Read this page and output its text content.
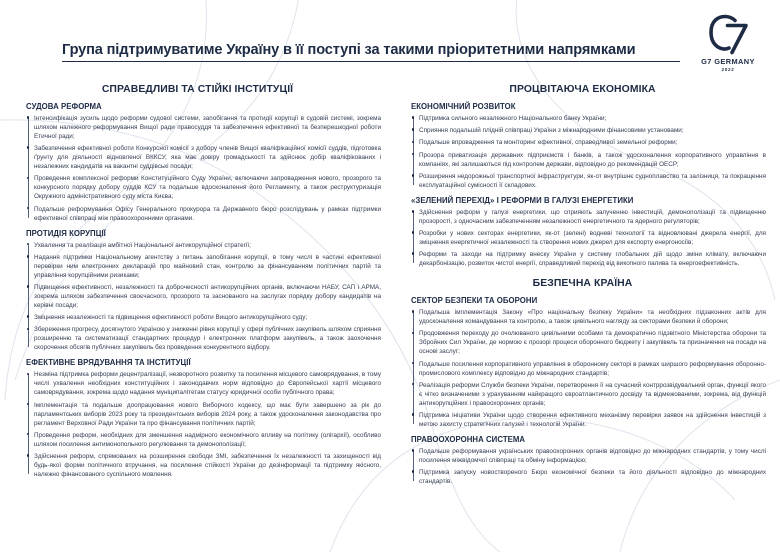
Група підтримуватиме Україну в її поступі за такими пріоритетними напрямками
G7 GERMANY
2022
СПРАВЕДЛИВІ ТА СТІЙКІ ІНСТИТУЦІЇ
СУДОВА РЕФОРМА
Інтенсифікація зусиль щодо реформи судової системи, запобігання та протидії корупції в судовій системі, зокрема шляхом належного реформування Вищої ради правосуддя та забезпечення ефективної та безперешкодної роботи Етичної ради;
Забезпечення ефективної роботи Конкурсної комісії з добору членів Вищої кваліфікаційної комісії суддів, підготовка ґрунту для діяльності відновленої ВККСУ, яка має довіру громадськості та здійснює добір кваліфікованих і незалежних кандидатів на вакантні суддівські посади;
Проведення комплексної реформи Конституційного Суду України, включаючи запровадження нового, прозорого та конкурсного порядку добору суддів КСУ та подальше вдосконалення його Регламенту, а також реструктуризація Окружного адміністративного суду міста Києва;
Подальше реформування Офісу Генерального прокурора та Державного бюро розслідувань у рамках підтримки ефективної співпраці між правоохоронними органами.
ПРОТИДІЯ КОРУПЦІЇ
Ухвалення та реалізація амбітної Національної антикорупційної стратегії;
Надання підтримки Національному агентству з питань запобігання корупції, в тому числі в частині ефективної перевірки ним електронних декларацій про майновий стан, контролю за фінансуванням політичних партій та управління корупційними ризиками;
Підвищення ефективності, незалежності та доброчесності антикорупційних органів, включаючи НАБУ, САП і АРМА, зокрема шляхом забезпечення своєчасного, прозорого та заснованого на заслугах порядку добору кандидатів на керівні посади;
Зміцнення незалежності та підвищення ефективності роботи Вищого антикорупційного суду;
Збереження прогресу, досягнутого Україною у зниженні рівня корупції у сфері публічних закупівель шляхом сприяння розширенню та систематизації стандартних процедур і електронних платформ закупівель, а також заохочення скорочення обсягів публічних закупівель без проведення конкурентного відбору.
ЕФЕКТИВНЕ ВРЯДУВАННЯ ТА ІНСТИТУЦІЇ
Незміна підтримка реформи децентралізації, незворотного розвитку та посилення місцевого самоврядування, в тому числі ухвалення необхідних конституційних і законодавчих норм відповідно до Європейської хартії місцевого самоврядування, зокрема щодо надання муніципалітетам статусу юридичної особи публічного права;
Імплементація та подальше доопрацювання нового Виборчого кодексу, що має бути завершено за рік до парламентських виборів 2023 року та президентських виборів 2024 року, а також удосконалення законодавства про регламент Верховної Ради України та про фінансування політичних партій;
Проведення реформ, необхідних для зменшення надмірного економічного впливу на політику (олігархії), особливо шляхом посилення антимонопольного регулювання та демонополізації;
Здійснення реформ, спрямованих на розширення свободи ЗМІ, забезпечення їх незалежності та захищеності від будь-якої форми політичного втручання, на посилення стійкості України до дезінформації та підтримку якісного, належно фінансованого суспільного мовлення.
ПРОЦВІТАЮЧА ЕКОНОМІКА
ЕКОНОМІЧНИЙ РОЗВИТОК
Підтримка сильного незалежного Національного банку України;
Сприяння подальшій плідній співпраці України з міжнародними фінансовими установами;
Подальше впровадження та моніторинг ефективної, справедливої земельної реформи;
Прозора приватизація державних підприємств і банків, а також удосконалення корпоративного управління в компаніях, які залишаються під контролем держави, відповідно до рекомендацій ОЕСР;
Розширення недорожньої транспортної інфраструктури, як-от внутрішнє судноплавство та залізниця, та покращення експлуатаційної сумісності її складових.
«ЗЕЛЕНИЙ ПЕРЕХІД» І РЕФОРМИ В ГАЛУЗІ ЕНЕРГЕТИКИ
Здійснення реформ у галузі енергетики, що сприяють залученню інвестицій, демонополізації та підвищенню прозорості, з одночасним забезпеченням незалежності енергетичного та ядерного регуляторів;
Розробки у нових секторах енергетики, як-от (зелені) водневі технології та відновлювані джерела енергії, для зміцнення енергетичної незалежності та створення нових джерел для експорту енергоносіїв;
Реформи та заходи на підтримку внеску України у систему глобальних дій щодо зміни клімату, включаючи декарбонізацію, розвиток чистої енергії, справедливий перехід від викопного палива та енергоефективність.
БЕЗПЕЧНА КРАЇНА
СЕКТОР БЕЗПЕКИ ТА ОБОРОНИ
Подальша імплементація Закону «Про національну безпеку України» та необхідних підзаконних актів для удосконалення командування та контролю, а також цивільного нагляду за секторами безпеки й оборони;
Продовження переходу до очолюваного цивільними особами та демократично підзвітного Міністерства оборони та Збройних Сил України, де нормою є прозорі процеси оборонного бюджету і закупівель та призначення на посади на основі заслуг;
Подальше посилення корпоративного управління в оборонному секторі в рамках ширшого реформування оборонно-промислового комплексу відповідно до міжнародних стандартів;
Реалізація реформи Служби безпеки України, перетворення її на сучасний контррозвідувальний орган, функції якого є чітко визначеними з урахуванням найкращого євроатлантичного досвіду та відмежованими, зокрема, від функцій антикорупційних і правоохоронних органів;
Підтримка ініціативи України щодо створення ефективного механізму перевірки заявок на здійснення інвестицій з метою захисту стратегічних галузей і технологій України.
ПРАВООХОРОННА СИСТЕМА
Подальше реформування українських правоохоронних органів відповідно до міжнародних стандартів, у тому числі посилення міжвідомчої співпраці та обміну інформацією;
Підтримка запуску новоствореного Бюро економічної безпеки та його діяльності відповідно до міжнародних стандартів.
